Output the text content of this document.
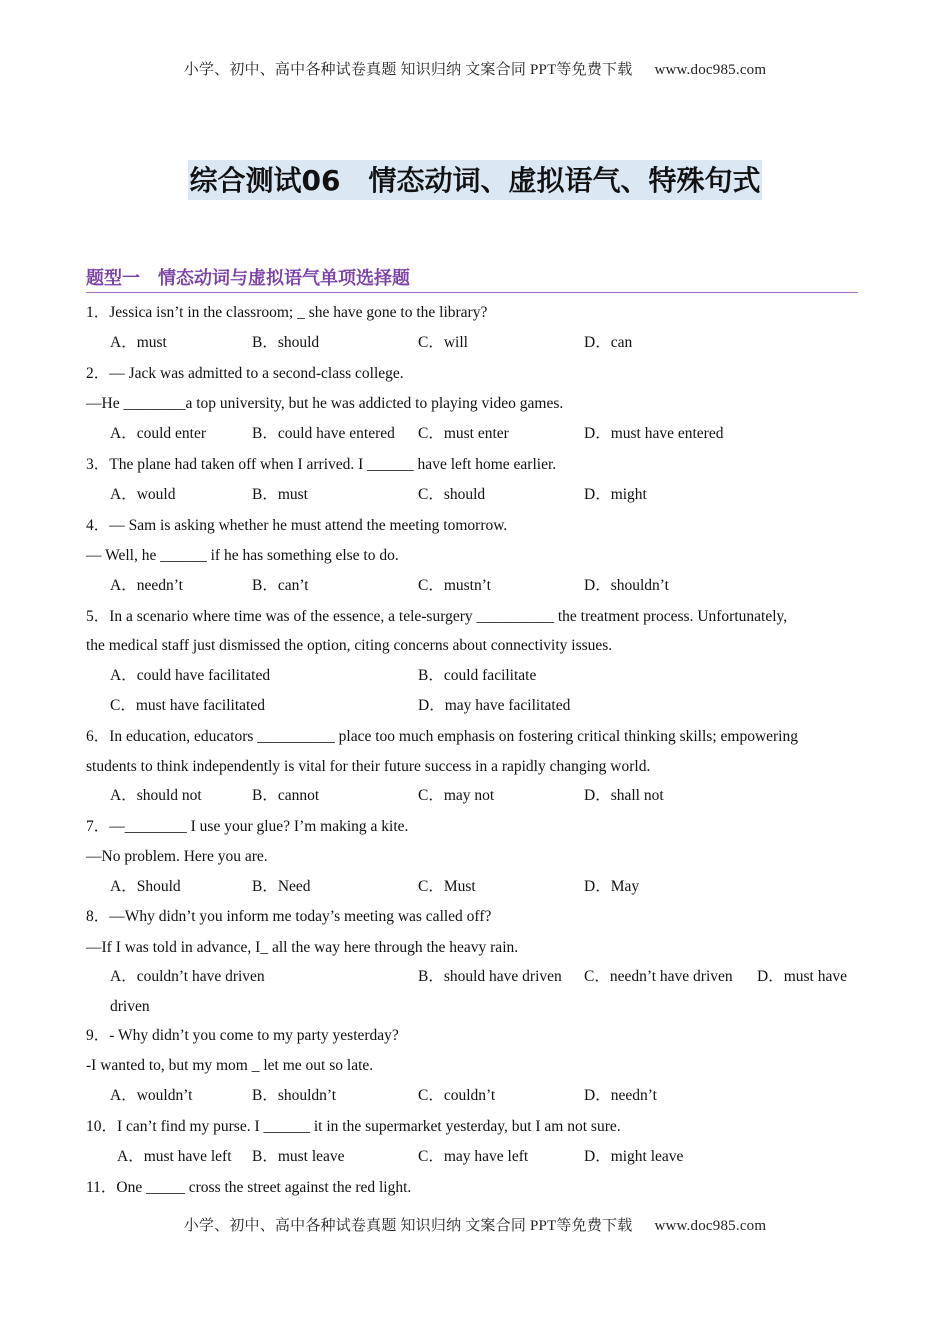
小学、初中、高中各种试卷真题 知识归纳 文案合同 PPT等免费下载 www.doc985.com
综合测试06　情态动词、虚拟语气、特殊句式
题型一　情态动词与虚拟语气单项选择题
1．Jessica isn’t in the classroom; _ she have gone to the library?
A．must	B．should	C．will	D．can
2．— Jack was admitted to a second-class college.
—He ________a top university, but he was addicted to playing video games.
A．could enter	B．could have entered C．must enter	D．must have entered
3．The plane had taken off when I arrived. I ______ have left home earlier.
A．would	B．must	C．should	D．might
4．— Sam is asking whether he must attend the meeting tomorrow.
— Well, he ______ if he has something else to do.
A．needn’t	B．can’t	C．mustn’t	D．shouldn’t
5．In a scenario where time was of the essence, a tele-surgery __________ the treatment process. Unfortunately,
the medical staff just dismissed the option, citing concerns about connectivity issues.
A．could have facilitated	B．could facilitate
C．must have facilitated	D．may have facilitated
6．In education, educators __________ place too much emphasis on fostering critical thinking skills; empowering
students to think independently is vital for their future success in a rapidly changing world.
A．should not	B．cannot	C．may not	D．shall not
7．—________ I use your glue? I’m making a kite.
—No problem. Here you are.
A．Should	B．Need	C．Must	D．May
8．—Why didn’t you inform me today’s meeting was called off?
—If I was told in advance, I_ all the way here through the heavy rain.
A．couldn’t have driven	B．should have driven C．needn’t have driven D．must have
driven
9．- Why didn’t you come to my party yesterday?
-I wanted to, but my mom _ let me out so late.
A．wouldn’t	B．shouldn’t	C．couldn’t	D．needn’t
10．I can’t find my purse. I ______ it in the supermarket yesterday, but I am not sure.
A．must have left B．must leave	C．may have left	D．might leave
11．One _____ cross the street against the red light.
小学、初中、高中各种试卷真题 知识归纳 文案合同 PPT等免费下载 www.doc985.com
